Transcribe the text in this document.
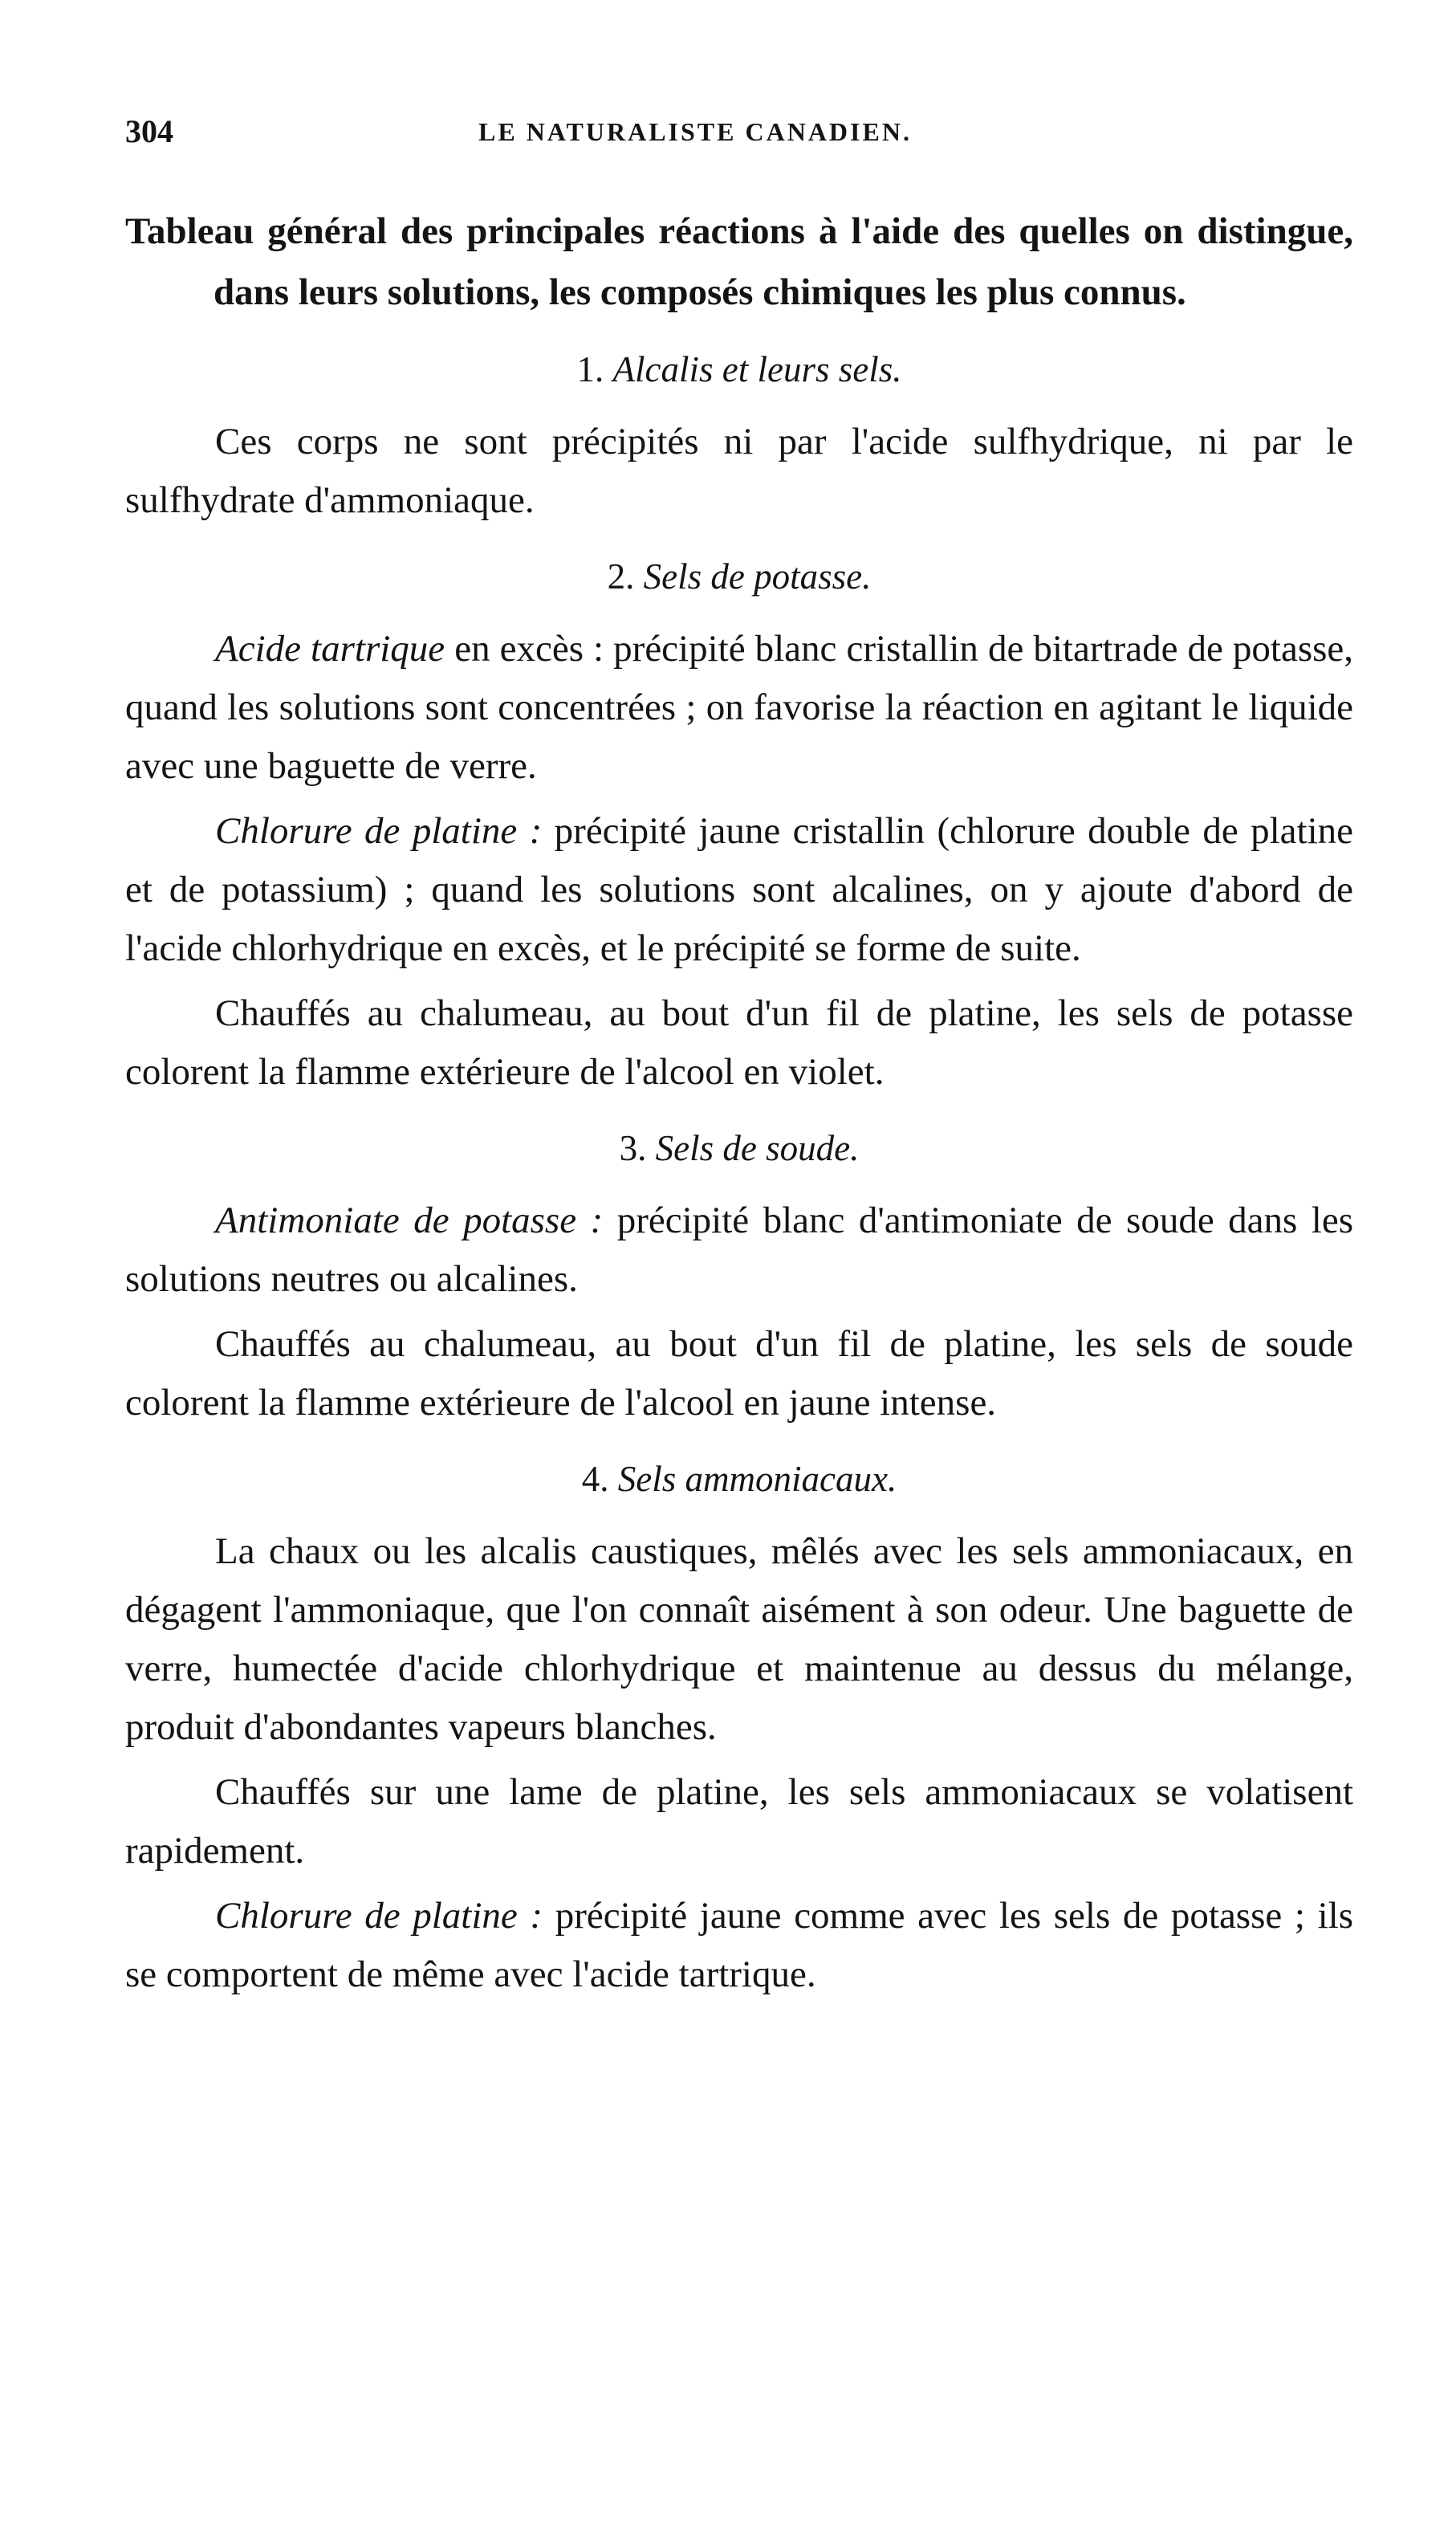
304	LE NATURALISTE CANADIEN.
Tableau général des principales réactions à l'aide des quelles on distingue, dans leurs solutions, les composés chimiques les plus connus.
1. Alcalis et leurs sels.

Ces corps ne sont précipités ni par l'acide sulfhydrique, ni par le sulfhydrate d'ammoniaque.

2. Sels de potasse.

Acide tartrique en excès : précipité blanc cristallin de bitartrade de potasse, quand les solutions sont concentrées ; on favorise la réaction en agitant le liquide avec une baguette de verre.

Chlorure de platine : précipité jaune cristallin (chlorure double de platine et de potassium) ; quand les solutions sont alcalines, on y ajoute d'abord de l'acide chlorhydrique en excès, et le précipité se forme de suite.

Chauffés au chalumeau, au bout d'un fil de platine, les sels de potasse colorent la flamme extérieure de l'alcool en violet.

3. Sels de soude.

Antimoniate de potasse : précipité blanc d'antimoniate de soude dans les solutions neutres ou alcalines.

Chauffés au chalumeau, au bout d'un fil de platine, les sels de soude colorent la flamme extérieure de l'alcool en jaune intense.

4. Sels ammoniacaux.

La chaux ou les alcalis caustiques, mêlés avec les sels ammoniacaux, en dégagent l'ammoniaque, que l'on connaît aisément à son odeur. Une baguette de verre, humectée d'acide chlorhydrique et maintenue au dessus du mélange, produit d'abondantes vapeurs blanches.

Chauffés sur une lame de platine, les sels ammoniacaux se volatisent rapidement.

Chlorure de platine : précipité jaune comme avec les sels de potasse ; ils se comportent de même avec l'acide tartrique.
